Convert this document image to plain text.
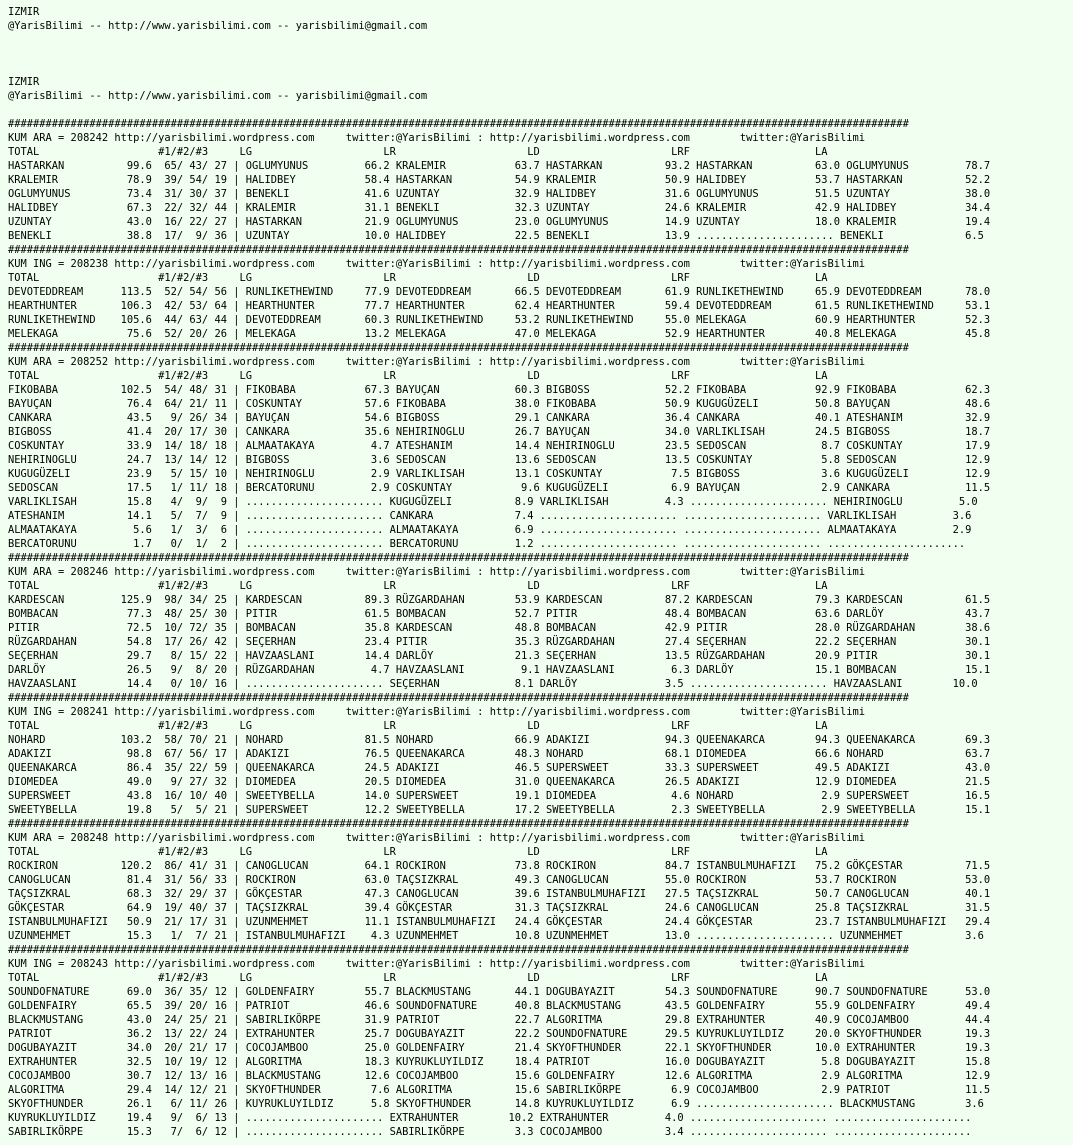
IZMIR
@YarisBilimi -- http://www.yarisbilimi.com -- yarisbilimi@gmail.com

IZMIR
@YarisBilimi -- http://www.yarisbilimi.com -- yarisbilimi@gmail.com

################################################################################################################################################
KUM ARA = 208242 http://yarisbilimi.wordpress.com     twitter:@YarisBilimi : http://yarisbilimi.wordpress.com        twitter:@YarisBilimi
TOTAL                   #1/#2/#3     LG                     LR                     LD                     LRF                    LA
HASTARKAN          99.6  65/ 43/ 27 | OGLUMYUNUS         66.2 KRALEMIR           63.7 HASTARKAN          93.2 HASTARKAN          63.0 OGLUMYUNUS         78.7
KRALEMIR           78.9  39/ 54/ 19 | HALIDBEY           58.4 HASTARKAN          54.9 KRALEMIR           50.9 HALIDBEY           53.7 HASTARKAN          52.2
OGLUMYUNUS         73.4  31/ 30/ 37 | BENEKLI            41.6 UZUNTAY            32.9 HALIDBEY           31.6 OGLUMYUNUS         51.5 UZUNTAY            38.0
HALIDBEY           67.3  22/ 32/ 44 | KRALEMIR           31.1 BENEKLI            32.3 UZUNTAY            24.6 KRALEMIR           42.9 HALIDBEY           34.4
UZUNTAY            43.0  16/ 22/ 27 | HASTARKAN          21.9 OGLUMYUNUS         23.0 OGLUMYUNUS         14.9 UZUNTAY            18.0 KRALEMIR           19.4
BENEKLI            38.8  17/  9/ 36 | UZUNTAY            10.0 HALIDBEY           22.5 BENEKLI            13.9 ...................... BENEKLI             6.5
################################################################################################################################################
KUM ING = 208238 http://yarisbilimi.wordpress.com     twitter:@YarisBilimi : http://yarisbilimi.wordpress.com        twitter:@YarisBilimi
TOTAL                   #1/#2/#3     LG                     LR                     LD                     LRF                    LA
DEVOTEDDREAM      113.5  52/ 54/ 56 | RUNLIKETHEWIND     77.9 DEVOTEDDREAM       66.5 DEVOTEDDREAM       61.9 RUNLIKETHEWIND     65.9 DEVOTEDDREAM       78.0
HEARTHUNTER       106.3  42/ 53/ 64 | HEARTHUNTER        77.7 HEARTHUNTER        62.4 HEARTHUNTER        59.4 DEVOTEDDREAM       61.5 RUNLIKETHEWIND     53.1
RUNLIKETHEWIND    105.6  44/ 63/ 44 | DEVOTEDDREAM       60.3 RUNLIKETHEWIND     53.2 RUNLIKETHEWIND     55.0 MELEKAGA           60.9 HEARTHUNTER        52.3
MELEKAGA           75.6  52/ 20/ 26 | MELEKAGA           13.2 MELEKAGA           47.0 MELEKAGA           52.9 HEARTHUNTER        40.8 MELEKAGA           45.8
################################################################################################################################################
KUM ARA = 208252 http://yarisbilimi.wordpress.com     twitter:@YarisBilimi : http://yarisbilimi.wordpress.com        twitter:@YarisBilimi
TOTAL                   #1/#2/#3     LG                     LR                     LD                     LRF                    LA
FIKOBABA          102.5  54/ 48/ 31 | FIKOBABA           67.3 BAYUÇAN            60.3 BIGBOSS            52.2 FIKOBABA           92.9 FIKOBABA           62.3
BAYUÇAN            76.4  64/ 21/ 11 | COSKUNTAY          57.6 FIKOBABA           38.0 FIKOBABA           50.9 KUGUGÜZELI         50.8 BAYUÇAN            48.6
CANKARA            43.5   9/ 26/ 34 | BAYUÇAN            54.6 BIGBOSS            29.1 CANKARA            36.4 CANKARA            40.1 ATESHANIM          32.9
BIGBOSS            41.4  20/ 17/ 30 | CANKARA            35.6 NEHIRINOGLU        26.7 BAYUÇAN            34.0 VARLIKLISAH        24.5 BIGBOSS            18.7
COSKUNTAY          33.9  14/ 18/ 18 | ALMAATAKAYA         4.7 ATESHANIM          14.4 NEHIRINOGLU        23.5 SEDOSCAN            8.7 COSKUNTAY          17.9
NEHIRINOGLU        24.7  13/ 14/ 12 | BIGBOSS             3.6 SEDOSCAN           13.6 SEDOSCAN           13.5 COSKUNTAY           5.8 SEDOSCAN           12.9
KUGUGÜZELI         23.9   5/ 15/ 10 | NEHIRINOGLU         2.9 VARLIKLISAH        13.1 COSKUNTAY           7.5 BIGBOSS             3.6 KUGUGÜZELI         12.9
SEDOSCAN           17.5   1/ 11/ 18 | BERCATORUNU         2.9 COSKUNTAY           9.6 KUGUGÜZELI          6.9 BAYUÇAN             2.9 CANKARA            11.5
VARLIKLISAH        15.8   4/  9/  9 | ...................... KUGUGÜZELI          8.9 VARLIKLISAH         4.3 ...................... NEHIRINOGLU         5.0
ATESHANIM          14.1   5/  7/  9 | ...................... CANKARA             7.4 ...................... ...................... VARLIKLISAH         3.6
ALMAATAKAYA         5.6   1/  3/  6 | ...................... ALMAATAKAYA         6.9 ...................... ...................... ALMAATAKAYA         2.9
BERCATORUNU         1.7   0/  1/  2 | ...................... BERCATORUNU         1.2 ...................... ...................... ......................
################################################################################################################################################
KUM ARA = 208246 http://yarisbilimi.wordpress.com     twitter:@YarisBilimi : http://yarisbilimi.wordpress.com        twitter:@YarisBilimi
TOTAL                   #1/#2/#3     LG                     LR                     LD                     LRF                    LA
KARDESCAN         125.9  98/ 34/ 25 | KARDESCAN          89.3 RÜZGARDAHAN        53.9 KARDESCAN          87.2 KARDESCAN          79.3 KARDESCAN          61.5
BOMBACAN           77.3  48/ 25/ 30 | PITIR              61.5 BOMBACAN           52.7 PITIR              48.4 BOMBACAN           63.6 DARLÖY             43.7
PITIR              72.5  10/ 72/ 35 | BOMBACAN           35.8 KARDESCAN          48.8 BOMBACAN           42.9 PITIR              28.0 RÜZGARDAHAN        38.6
RÜZGARDAHAN        54.8  17/ 26/ 42 | SEÇERHAN           23.4 PITIR              35.3 RÜZGARDAHAN        27.4 SEÇERHAN           22.2 SEÇERHAN           30.1
SEÇERHAN           29.7   8/ 15/ 22 | HAVZAASLANI        14.4 DARLÖY             21.3 SEÇERHAN           13.5 RÜZGARDAHAN        20.9 PITIR              30.1
DARLÖY             26.5   9/  8/ 20 | RÜZGARDAHAN         4.7 HAVZAASLANI         9.1 HAVZAASLANI         6.3 DARLÖY             15.1 BOMBACAN           15.1
HAVZAASLANI        14.4   0/ 10/ 16 | ...................... SEÇERHAN            8.1 DARLÖY              3.5 ...................... HAVZAASLANI        10.0
################################################################################################################################################
KUM ING = 208241 http://yarisbilimi.wordpress.com     twitter:@YarisBilimi : http://yarisbilimi.wordpress.com        twitter:@YarisBilimi
TOTAL                   #1/#2/#3     LG                     LR                     LD                     LRF                    LA
NOHARD            103.2  58/ 70/ 21 | NOHARD             81.5 NOHARD             66.9 ADAKIZI            94.3 QUEENAKARCA        94.3 QUEENAKARCA        69.3
ADAKIZI            98.8  67/ 56/ 17 | ADAKIZI            76.5 QUEENAKARCA        48.3 NOHARD             68.1 DIOMEDEA           66.6 NOHARD             63.7
QUEENAKARCA        86.4  35/ 22/ 59 | QUEENAKARCA        24.5 ADAKIZI            46.5 SUPERSWEET         33.3 SUPERSWEET         49.5 ADAKIZI            43.0
DIOMEDEA           49.0   9/ 27/ 32 | DIOMEDEA           20.5 DIOMEDEA           31.0 QUEENAKARCA        26.5 ADAKIZI            12.9 DIOMEDEA           21.5
SUPERSWEET         43.8  16/ 10/ 40 | SWEETYBELLA        14.0 SUPERSWEET         19.1 DIOMEDEA            4.6 NOHARD              2.9 SUPERSWEET         16.5
SWEETYBELLA        19.8   5/  5/ 21 | SUPERSWEET         12.2 SWEETYBELLA        17.2 SWEETYBELLA         2.3 SWEETYBELLA         2.9 SWEETYBELLA        15.1
################################################################################################################################################
KUM ARA = 208248 http://yarisbilimi.wordpress.com     twitter:@YarisBilimi : http://yarisbilimi.wordpress.com        twitter:@YarisBilimi
TOTAL                   #1/#2/#3     LG                     LR                     LD                     LRF                    LA
ROCKIRON          120.2  86/ 41/ 31 | CANOGLUCAN         64.1 ROCKIRON           73.8 ROCKIRON           84.7 ISTANBULMUHAFIZI   75.2 GÖKÇESTAR          71.5
CANOGLUCAN         81.4  31/ 56/ 33 | ROCKIRON           63.0 TAÇSIZKRAL         49.3 CANOGLUCAN         55.0 ROCKIRON           53.7 ROCKIRON           53.0
TAÇSIZKRAL         68.3  32/ 29/ 37 | GÖKÇESTAR          47.3 CANOGLUCAN         39.6 ISTANBULMUHAFIZI   27.5 TAÇSIZKRAL         50.7 CANOGLUCAN         40.1
GÖKÇESTAR          64.9  19/ 40/ 37 | TAÇSIZKRAL         39.4 GÖKÇESTAR          31.3 TAÇSIZKRAL         24.6 CANOGLUCAN         25.8 TAÇSIZKRAL         31.5
ISTANBULMUHAFIZI   50.9  21/ 17/ 31 | UZUNMEHMET         11.1 ISTANBULMUHAFIZI   24.4 GÖKÇESTAR          24.4 GÖKÇESTAR          23.7 ISTANBULMUHAFIZI   29.4
UZUNMEHMET         15.3   1/  7/ 21 | ISTANBULMUHAFIZI    4.3 UZUNMEHMET         10.8 UZUNMEHMET         13.0 ...................... UZUNMEHMET          3.6
################################################################################################################################################
KUM ING = 208243 http://yarisbilimi.wordpress.com     twitter:@YarisBilimi : http://yarisbilimi.wordpress.com        twitter:@YarisBilimi
TOTAL                   #1/#2/#3     LG                     LR                     LD                     LRF                    LA
SOUNDOFNATURE      69.0  36/ 35/ 12 | GOLDENFAIRY        55.7 BLACKMUSTANG       44.1 DOGUBAYAZIT        54.3 SOUNDOFNATURE      90.7 SOUNDOFNATURE      53.0
GOLDENFAIRY        65.5  39/ 20/ 16 | PATRIOT            46.6 SOUNDOFNATURE      40.8 BLACKMUSTANG       43.5 GOLDENFAIRY        55.9 GOLDENFAIRY        49.4
BLACKMUSTANG       43.0  24/ 25/ 21 | SABIRLIKÖRPE       31.9 PATRIOT            22.7 ALGORITMA          29.8 EXTRAHUNTER        40.9 COCOJAMBOO         44.4
PATRIOT            36.2  13/ 22/ 24 | EXTRAHUNTER        25.7 DOGUBAYAZIT        22.2 SOUNDOFNATURE      29.5 KUYRUKLUYILDIZ     20.0 SKYOFTHUNDER       19.3
DOGUBAYAZIT        34.0  20/ 21/ 17 | COCOJAMBOO         25.0 GOLDENFAIRY        21.4 SKYOFTHUNDER       22.1 SKYOFTHUNDER       10.0 EXTRAHUNTER        19.3
EXTRAHUNTER        32.5  10/ 19/ 12 | ALGORITMA          18.3 KUYRUKLUYILDIZ     18.4 PATRIOT            16.0 DOGUBAYAZIT         5.8 DOGUBAYAZIT        15.8
COCOJAMBOO         30.7  12/ 13/ 16 | BLACKMUSTANG       12.6 COCOJAMBOO         15.6 GOLDENFAIRY        12.6 ALGORITMA           2.9 ALGORITMA          12.9
ALGORITMA          29.4  14/ 12/ 21 | SKYOFTHUNDER        7.6 ALGORITMA          15.6 SABIRLIKÖRPE        6.9 COCOJAMBOO          2.9 PATRIOT            11.5
SKYOFTHUNDER       26.1   6/ 11/ 26 | KUYRUKLUYILDIZ      5.8 SKYOFTHUNDER       14.8 KUYRUKLUYILDIZ      6.9 ...................... BLACKMUSTANG        3.6
KUYRUKLUYILDIZ     19.4   9/  6/ 13 | ...................... EXTRAHUNTER        10.2 EXTRAHUNTER         4.0 ...................... ......................
SABIRLIKÖRPE       15.3   7/  6/ 12 | ...................... SABIRLIKÖRPE        3.3 COCOJAMBOO          3.4 ...................... ......................
